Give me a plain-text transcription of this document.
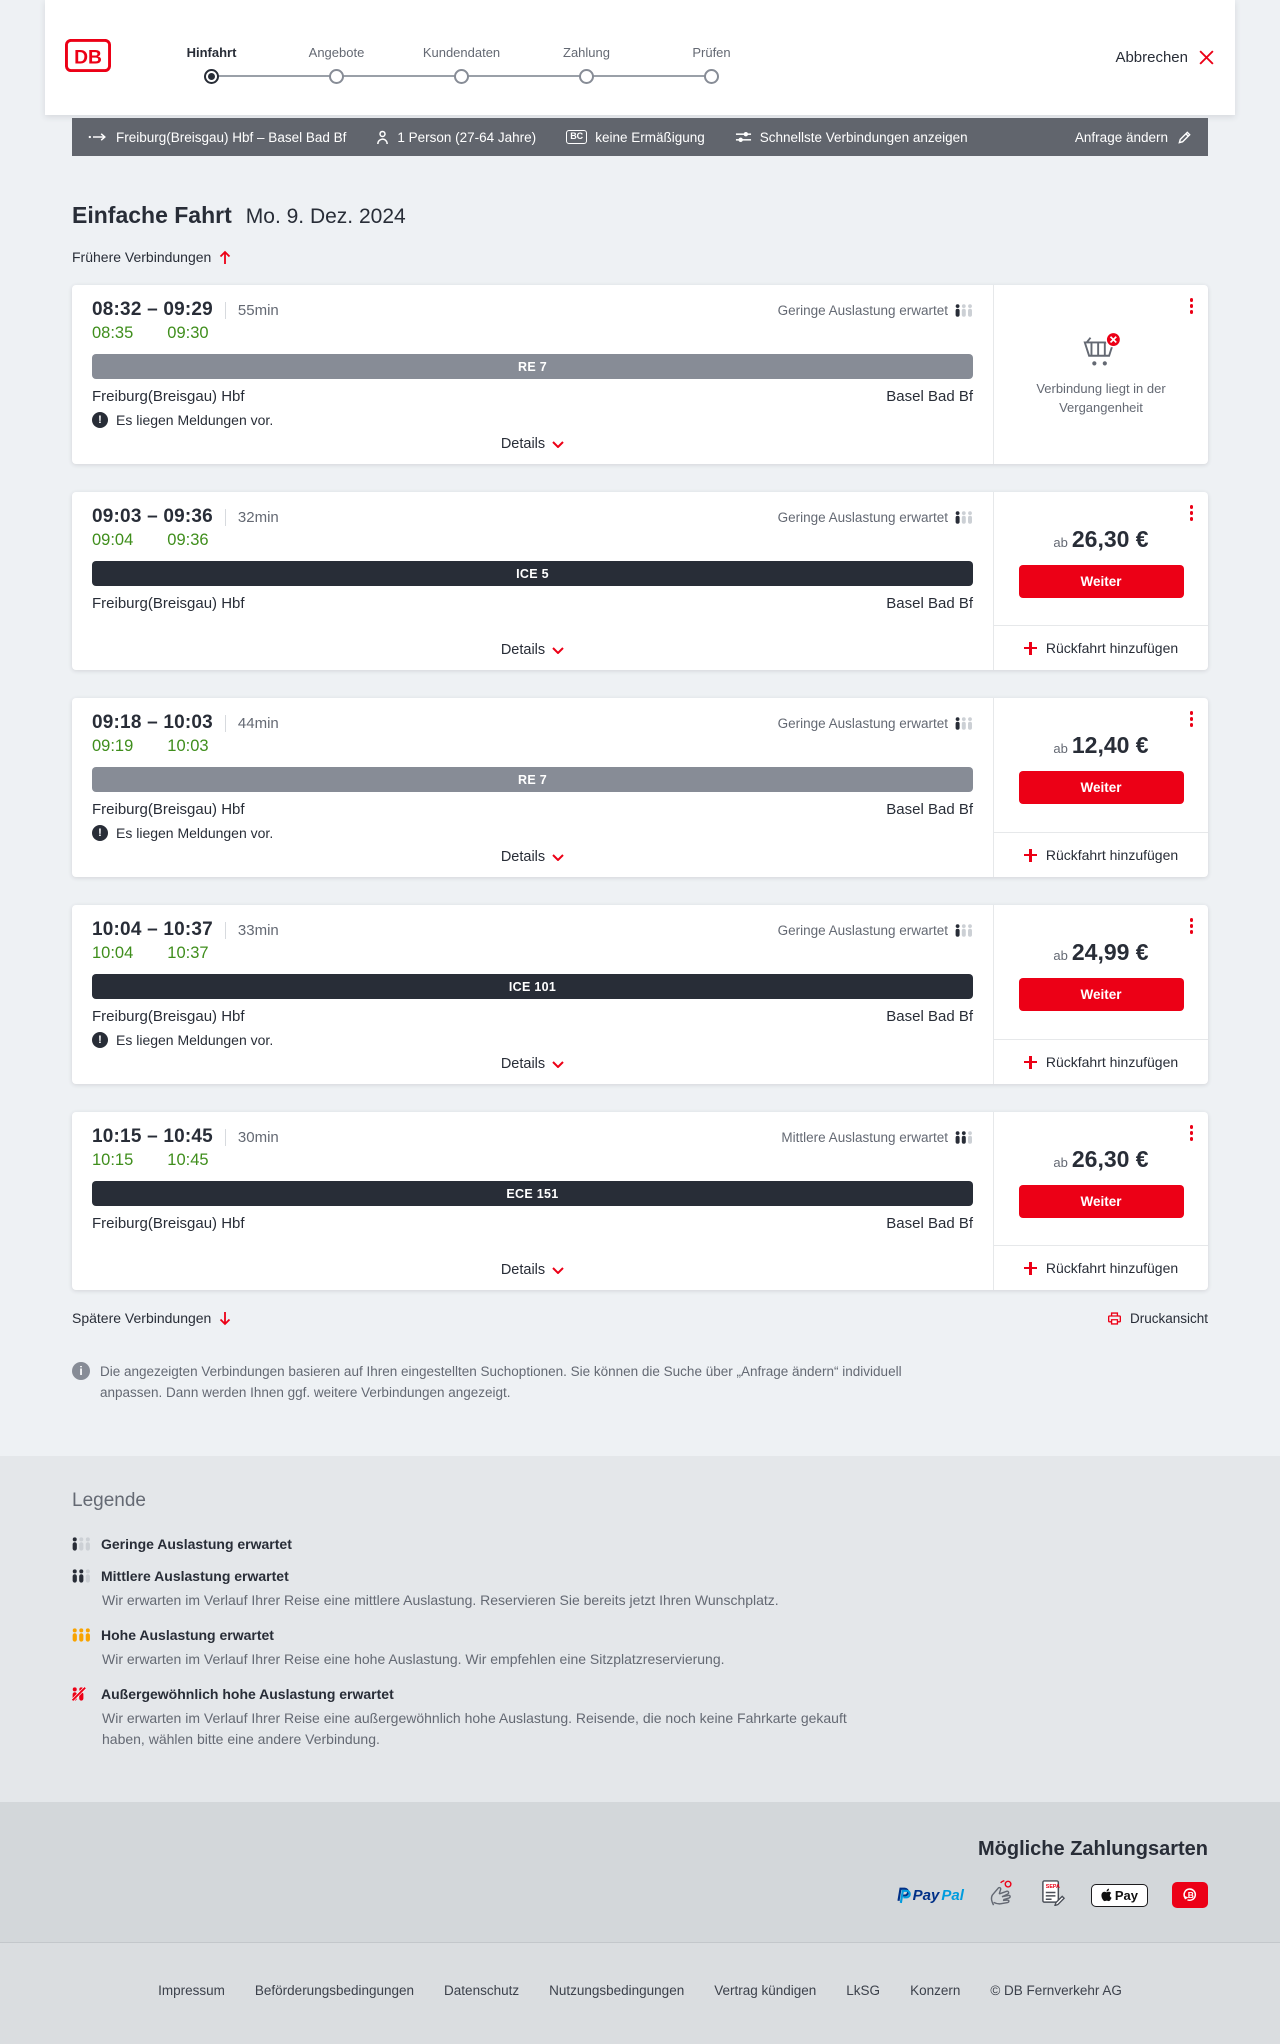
DB	Hinfahrt	Angebote	Kundendaten	Zahlung	Prüfen	Abbrechen
Freiburg(Breisgau) Hbf – Basel Bad Bf	1 Person (27-64 Jahre)	BC keine Ermäßigung	Schnellste Verbindungen anzeigen	Anfrage ändern
Einfache Fahrt Mo. 9. Dez. 2024
Frühere Verbindungen
08:32 – 09:29	55min	Geringe Auslastung erwartet
08:35 09:30
RE 7
Freiburg(Breisgau) Hbf	Basel Bad Bf
!	Es liegen Meldungen vor.
Details

Verbindung liegt in der Vergangenheit

09:03 – 09:36	32min	Geringe Auslastung erwartet
09:04 09:36
ICE 5
Freiburg(Breisgau) Hbf	Basel Bad Bf
Details
ab 26,30 €
Weiter
Rückfahrt hinzufügen
09:18 – 10:03	44min	Geringe Auslastung erwartet
09:19 10:03
RE 7
Freiburg(Breisgau) Hbf	Basel Bad Bf
!	Es liegen Meldungen vor.
Details
ab 12,40 €
Weiter
Rückfahrt hinzufügen
10:04 – 10:37	33min	Geringe Auslastung erwartet
10:04 10:37
ICE 101
Freiburg(Breisgau) Hbf	Basel Bad Bf
!	Es liegen Meldungen vor.
Details
ab 24,99 €
Weiter
Rückfahrt hinzufügen
10:15 – 10:45	30min	Mittlere Auslastung erwartet
10:15 10:45
ECE 151
Freiburg(Breisgau) Hbf	Basel Bad Bf
Details
ab 26,30 €
Weiter
Rückfahrt hinzufügen
Spätere Verbindungen	Druckansicht
i	Die angezeigten Verbindungen basieren auf Ihren eingestellten Suchoptionen. Sie können die Suche über „Anfrage ändern“ individuell anpassen. Dann werden Ihnen ggf. weitere Verbindungen angezeigt.

Legende
Geringe Auslastung erwartet
Mittlere Auslastung erwartet

Wir erwarten im Verlauf Ihrer Reise eine mittlere Auslastung. Reservieren Sie bereits jetzt Ihren Wunschplatz.

Hohe Auslastung erwartet

Wir erwarten im Verlauf Ihrer Reise eine hohe Auslastung. Wir empfehlen eine Sitzplatzreservierung.

Außergewöhnlich hohe Auslastung erwartet

Wir erwarten im Verlauf Ihrer Reise eine außergewöhnlich hohe Auslastung. Reisende, die noch keine Fahrkarte gekauft haben, wählen bitte eine andere Verbindung.

Mögliche Zahlungsarten
Pay Pal	SEPA
Pay	B
Impressum Beförderungsbedingungen Datenschutz Nutzungsbedingungen Vertrag kündigen LkSG Konzern © DB Fernverkehr AG
